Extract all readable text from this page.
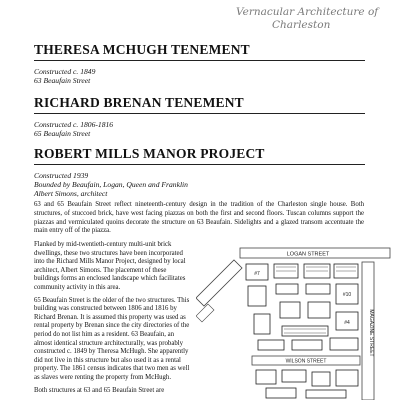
Vernacular Architecture of
Charleston
THERESA MCHUGH TENEMENT
Constructed c. 1849
63 Beaufain Street
RICHARD BRENAN TENEMENT
Constructed c. 1806-1816
65 Beaufain Street
ROBERT MILLS MANOR PROJECT
Constructed 1939
Bounded by Beaufain, Logan, Queen and Franklin
Albert Simons, architect

63 and 65 Beaufain Street reflect nineteenth-century design in the tradition of the Charleston single house. Both structures, of stuccoed brick, have west facing piazzas on both the first and second floors. Tuscan columns support the piazzas and vermiculated quoins decorate the structure on 63 Beaufain. Sidelights and a glazed transom accentuate the main entry off of the piazza.

Flanked by mid-twentieth-century multi-unit brick dwellings, these two structures have been incorporated into the Richard Mills Manor Project, designed by local architect, Albert Simons. The placement of these buildings forms an enclosed landscape which facilitates community activity in this area.

65 Beaufain Street is the older of the two structures. This building was constructed between 1806 and 1816 by Richard Brenan. It is assumed this property was used as rental property by Brenan since the city directories of the period do not list him as a resident. 63 Beaufain, an almost identical structure architecturally, was probably constructed c. 1849 by Theresa McHugh. She apparently did not live in this structure but also used it as a rental property. The 1861 census indicates that two men as well as slaves were renting the property from McHugh.

Both structures at 63 and 65 Beaufain Street are

LOGAN STREET
MAGAZINE STREET
WILSON STREET
#7
#10
#4
